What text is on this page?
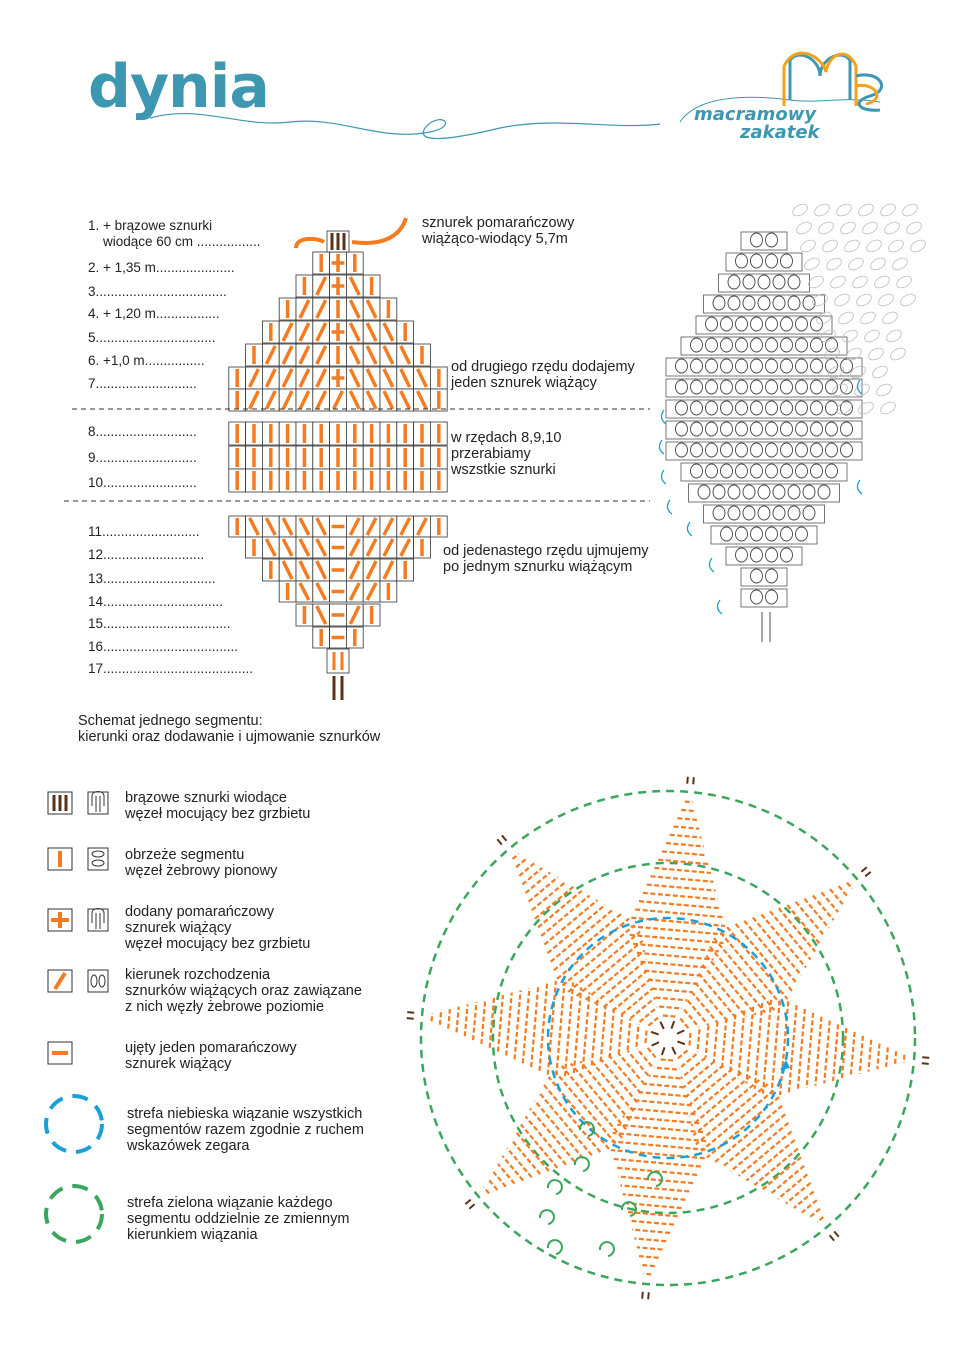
dynia	macramowy
zakatek
1. + brązowe sznurki
wiodące 60 cm .................
2. + 1,35 m.....................
3...................................
4. + 1,20 m.................
5................................
6. +1,0 m................
7...........................
8...........................
9...........................
10.........................
11..........................
12...........................
13..............................
14................................
15..................................
16....................................
17........................................
sznurek pomarańczowy
wiążąco-wiodący 5,7m
od drugiego rzędu dodajemy
jeden sznurek wiążący
w rzędach 8,9,10
przerabiamy
wszstkie sznurki
od jedenastego rzędu ujmujemy
po jednym sznurku wiążącym
Schemat jednego segmentu:
kierunki oraz dodawanie i ujmowanie sznurków
brązowe sznurki wiodące
węzeł mocujący bez grzbietu
obrzeże segmentu
węzeł żebrowy pionowy
dodany pomarańczowy
sznurek wiążący
węzeł mocujący bez grzbietu
kierunek rozchodzenia
sznurków wiążących oraz zawiązane
z nich węzły żebrowe poziomie
ujęty jeden pomarańczowy
sznurek wiążący
strefa niebieska wiązanie wszystkich
segmentów razem zgodnie z ruchem
wskazówek zegara
strefa zielona wiązanie każdego
segmentu oddzielnie ze zmiennym
kierunkiem wiązania
